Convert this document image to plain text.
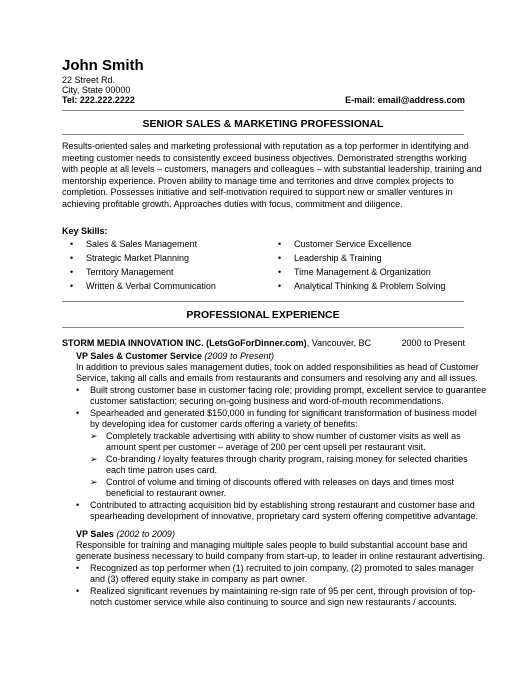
John Smith
22 Street Rd.
City, State 00000
Tel: 222.222.2222	E-mail: email@address.com
SENIOR SALES & MARKETING PROFESSIONAL
Results-oriented sales and marketing professional with reputation as a top performer in identifying and
meeting customer needs to consistently exceed business objectives. Demonstrated strengths working
with people at all levels – customers, managers and colleagues – with substantial leadership, training and
mentorship experience. Proven ability to manage time and territories and drive complex projects to
completion. Possesses initiative and self-motivation required to support new or smaller ventures in
achieving profitable growth. Approaches duties with focus, commitment and diligence.
Key Skills:
• Sales & Sales Management
• Strategic Market Planning
• Territory Management
• Written & Verbal Communication
• Customer Service Excellence
• Leadership & Training
• Time Management & Organization
• Analytical Thinking & Problem Solving
PROFESSIONAL EXPERIENCE
STORM MEDIA INNOVATION INC. (LetsGoForDinner.com), Vancouver, BC	2000 to Present
VP Sales & Customer Service (2009 to Present)
In addition to previous sales management duties, took on added responsibilities as head of Customer
Service, taking all calls and emails from restaurants and consumers and resolving any and all issues.
• Built strong customer base in customer facing role; providing prompt, excellent service to guarantee
customer satisfaction; securing on-going business and word-of-mouth recommendations.
• Spearheaded and generated $150,000 in funding for significant transformation of business model
by developing idea for customer cards offering a variety of benefits:
➢ Completely trackable advertising with ability to show number of customer visits as well as
amount spent per customer – average of 200 per cent upsell per restaurant visit.
➢ Co-branding / loyalty features through charity program, raising money for selected charities
each time patron uses card.
➢ Control of volume and timing of discounts offered with releases on days and times most
beneficial to restaurant owner.
• Contributed to attracting acquisition bid by establishing strong restaurant and customer base and
spearheading development of innovative, proprietary card system offering competitive advantage.
VP Sales (2002 to 2009)
Responsible for training and managing multiple sales people to build substantial account base and
generate business necessary to build company from start-up, to leader in online restaurant advertising.
• Recognized as top performer when (1) recruited to join company, (2) promoted to sales manager
and (3) offered equity stake in company as part owner.
• Realized significant revenues by maintaining re-sign rate of 95 per cent, through provision of top-
notch customer service while also continuing to source and sign new restaurants / accounts.
